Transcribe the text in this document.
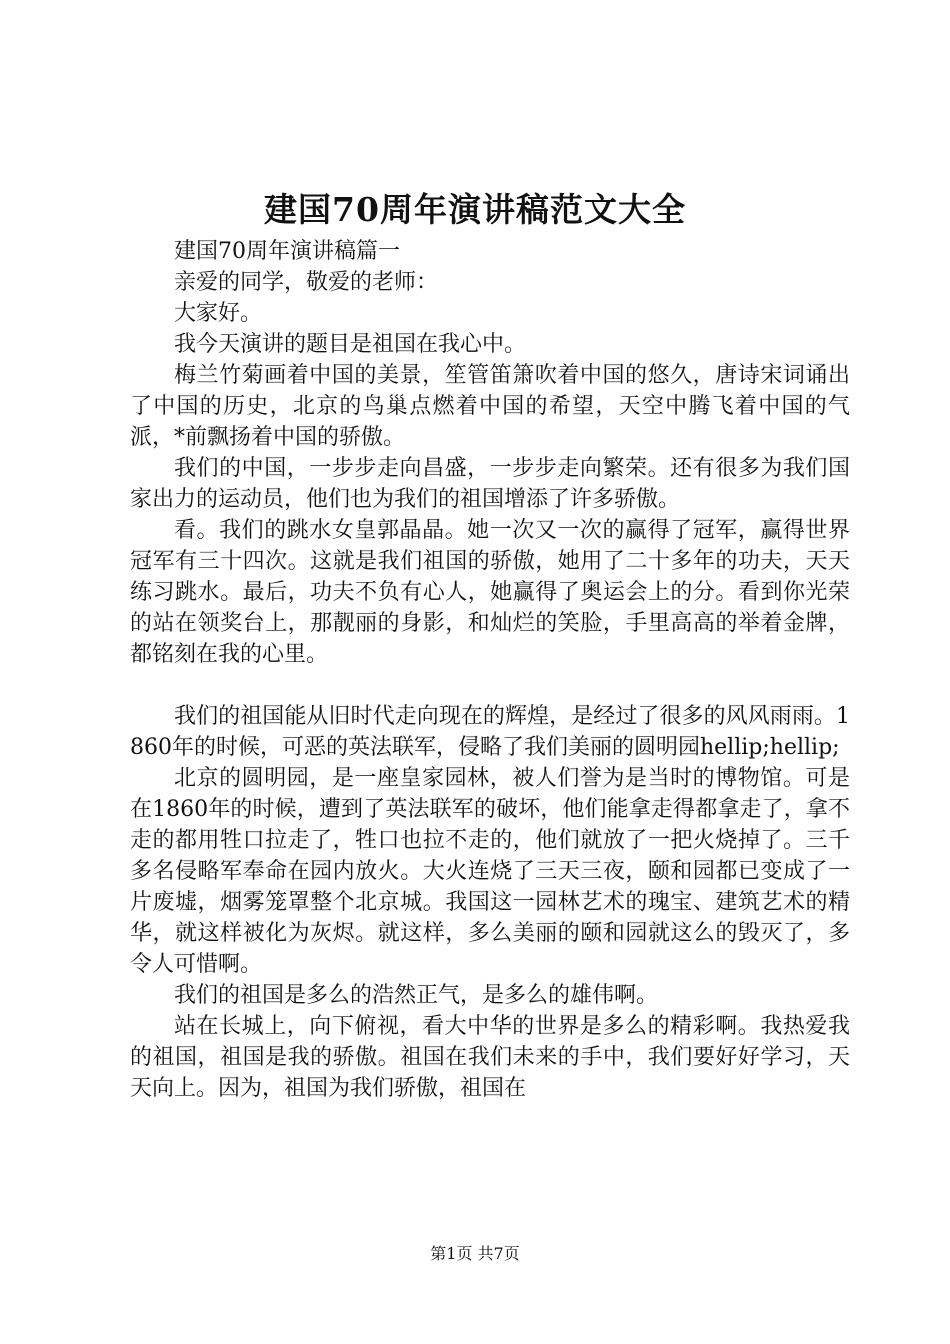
建国70周年演讲稿范文大全

建国70周年演讲稿篇一

亲爱的同学，敬爱的老师：

大家好。

我今天演讲的题目是祖国在我心中。

梅兰竹菊画着中国的美景，笙管笛箫吹着中国的悠久，唐诗宋词诵出了中国的历史，北京的鸟巢点燃着中国的希望，天空中腾飞着中国的气派，*前飘扬着中国的骄傲。

我们的中国，一步步走向昌盛，一步步走向繁荣。还有很多为我们国家出力的运动员，他们也为我们的祖国增添了许多骄傲。

看。我们的跳水女皇郭晶晶。她一次又一次的赢得了冠军，赢得世界冠军有三十四次。这就是我们祖国的骄傲，她用了二十多年的功夫，天天练习跳水。最后，功夫不负有心人，她赢得了奥运会上的分。看到你光荣的站在领奖台上，那靓丽的身影，和灿烂的笑脸，手里高高的举着金牌，都铭刻在我的心里。

我们的祖国能从旧时代走向现在的辉煌，是经过了很多的风风雨雨。1860年的时候，可恶的英法联军，侵略了我们美丽的圆明园hellip;hellip;

北京的圆明园，是一座皇家园林，被人们誉为是当时的博物馆。可是在1860年的时候，遭到了英法联军的破坏，他们能拿走得都拿走了，拿不走的都用牲口拉走了，牲口也拉不走的，他们就放了一把火烧掉了。三千多名侵略军奉命在园内放火。大火连烧了三天三夜，颐和园都已变成了一片废墟，烟雾笼罩整个北京城。我国这一园林艺术的瑰宝、建筑艺术的精华，就这样被化为灰烬。就这样，多么美丽的颐和园就这么的毁灭了，多令人可惜啊。

我们的祖国是多么的浩然正气，是多么的雄伟啊。

站在长城上，向下俯视，看大中华的世界是多么的精彩啊。我热爱我的祖国，祖国是我的骄傲。祖国在我们未来的手中，我们要好好学习，天天向上。因为，祖国为我们骄傲，祖国在

第1页 共7页
